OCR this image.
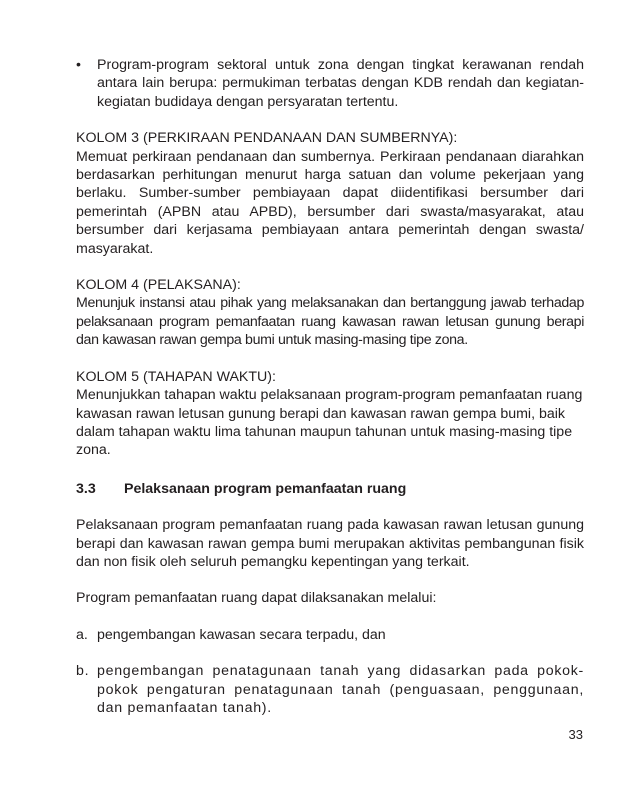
• Program-program sektoral untuk zona dengan tingkat kerawanan rendah antara lain berupa: permukiman terbatas dengan KDB rendah dan kegiatan-kegiatan budidaya dengan persyaratan tertentu.

KOLOM 3 (PERKIRAAN PENDANAAN DAN SUMBERNYA):

Memuat perkiraan pendanaan dan sumbernya. Perkiraan pendanaan diarahkan berdasarkan perhitungan menurut harga satuan dan volume pekerjaan yang berlaku. Sumber-sumber pembiayaan dapat diidentifikasi bersumber dari pemerintah (APBN atau APBD), bersumber dari swasta/masyarakat, atau bersumber dari kerjasama pembiayaan antara pemerintah dengan swasta/ masyarakat.

KOLOM 4 (PELAKSANA):

Menunjuk instansi atau pihak yang melaksanakan dan bertanggung jawab terhadap pelaksanaan program pemanfaatan ruang kawasan rawan letusan gunung berapi dan kawasan rawan gempa bumi untuk masing-masing tipe zona.

KOLOM 5 (TAHAPAN WAKTU):

Menunjukkan tahapan waktu pelaksanaan program-program pemanfaatan ruang kawasan rawan letusan gunung berapi dan kawasan rawan gempa bumi, baik dalam tahapan waktu lima tahunan maupun tahunan untuk masing-masing tipe zona.

3.3	Pelaksanaan program pemanfaatan ruang

Pelaksanaan program pemanfaatan ruang pada kawasan rawan letusan gunung berapi dan kawasan rawan gempa bumi merupakan aktivitas pembangunan fisik dan non fisik oleh seluruh pemangku kepentingan yang terkait.

Program pemanfaatan ruang dapat dilaksanakan melalui:

a. pengembangan kawasan secara terpadu, dan
b. pengembangan penatagunaan tanah yang didasarkan pada pokok-pokok pengaturan penatagunaan tanah (penguasaan, penggunaan, dan pemanfaatan tanah).
33
